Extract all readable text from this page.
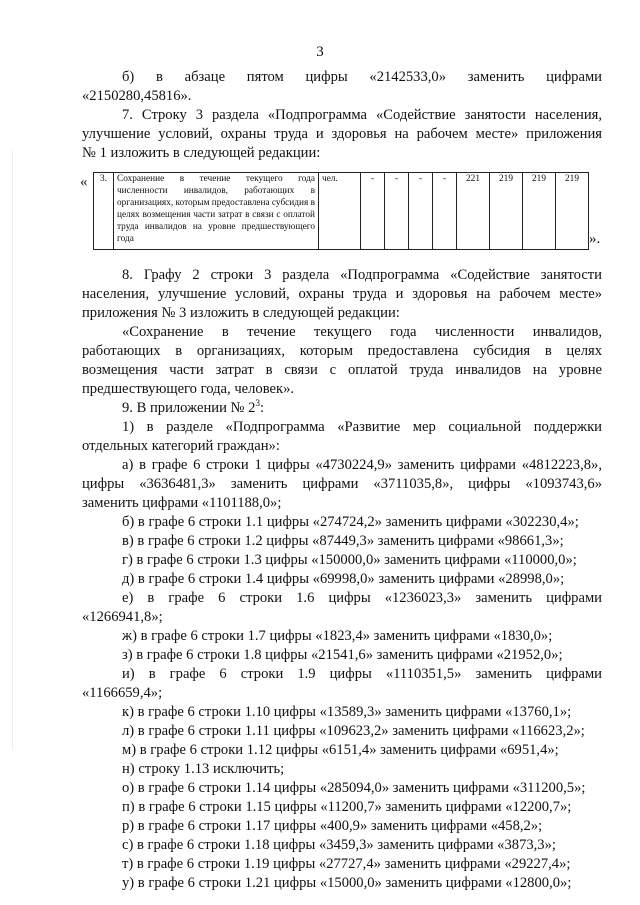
3

б) в абзаце пятом цифры «2142533,0» заменить цифрами

«2150280,45816».

7. Строку 3 раздела «Подпрограмма «Содействие занятости населения,

улучшение условий, охраны труда и здоровья на рабочем месте» приложения

№ 1 изложить в следующей редакции:

« 3.	Сохранение в течение текущего года численности инвалидов, работающих в организациях, которым предоставлена субсидия в целях возмещения части затрат в связи с оплатой труда инвалидов на уровне предшествующего года	чел.	-	-	-	-	221	219	219	219
».

8. Графу 2 строки 3 раздела «Подпрограмма «Содействие занятости

населения, улучшение условий, охраны труда и здоровья на рабочем месте»

приложения № 3 изложить в следующей редакции:

«Сохранение в течение текущего года численности инвалидов,

работающих в организациях, которым предоставлена субсидия в целях

возмещения части затрат в связи с оплатой труда инвалидов на уровне

предшествующего года, человек».

9. В приложении № $2^3$:

1) в разделе «Подпрограмма «Развитие мер социальной поддержки

отдельных категорий граждан»:

а) в графе 6 строки 1 цифры «4730224,9» заменить цифрами «4812223,8»,

цифры «3636481,3» заменить цифрами «3711035,8», цифры «1093743,6»

заменить цифрами «1101188,0»;

б) в графе 6 строки 1.1 цифры «274724,2» заменить цифрами «302230,4»;

в) в графе 6 строки 1.2 цифры «87449,3» заменить цифрами «98661,3»;

г) в графе 6 строки 1.3 цифры «150000,0» заменить цифрами «110000,0»;

д) в графе 6 строки 1.4 цифры «69998,0» заменить цифрами «28998,0»;

е) в графе 6 строки 1.6 цифры «1236023,3» заменить цифрами

«1266941,8»;

ж) в графе 6 строки 1.7 цифры «1823,4» заменить цифрами «1830,0»;

з) в графе 6 строки 1.8 цифры «21541,6» заменить цифрами «21952,0»;

и) в графе 6 строки 1.9 цифры «1110351,5» заменить цифрами

«1166659,4»;

к) в графе 6 строки 1.10 цифры «13589,3» заменить цифрами «13760,1»;

л) в графе 6 строки 1.11 цифры «109623,2» заменить цифрами «116623,2»;

м) в графе 6 строки 1.12 цифры «6151,4» заменить цифрами «6951,4»;

н) строку 1.13 исключить;

о) в графе 6 строки 1.14 цифры «285094,0» заменить цифрами «311200,5»;

п) в графе 6 строки 1.15 цифры «11200,7» заменить цифрами «12200,7»;

р) в графе 6 строки 1.17 цифры «400,9» заменить цифрами «458,2»;

с) в графе 6 строки 1.18 цифры «3459,3» заменить цифрами «3873,3»;

т) в графе 6 строки 1.19 цифры «27727,4» заменить цифрами «29227,4»;

у) в графе 6 строки 1.21 цифры «15000,0» заменить цифрами «12800,0»;
